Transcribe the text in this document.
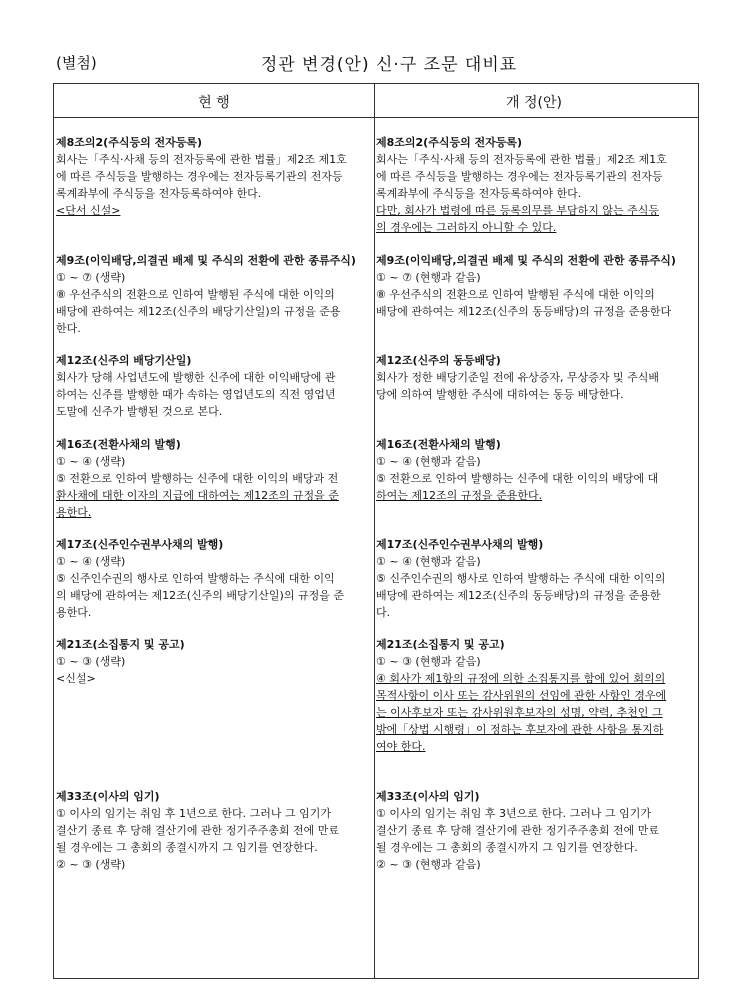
(별첨)	정관 변경(안) 신·구 조문 대비표
현 행	개 정(안)
제8조의2(주식등의 전자등록)
회사는「주식·사채 등의 전자등록에 관한 법률」제2조 제1호
에 따른 주식등을 발행하는 경우에는 전자등록기관의 전자등
록계좌부에 주식등을 전자등록하여야 한다.
<단서 신설>
제9조(이익배당,의결권 배제 및 주식의 전환에 관한 종류주식)
① ~ ⑦ (생략)
⑧ 우선주식의 전환으로 인하여 발행된 주식에 대한 이익의
배당에 관하여는 제12조(신주의 배당기산일)의 규정을 준용
한다.
제12조(신주의 배당기산일)
회사가 당해 사업년도에 발행한 신주에 대한 이익배당에 관
하여는 신주를 발행한 때가 속하는 영업년도의 직전 영업년
도말에 신주가 발행된 것으로 본다.
제16조(전환사채의 발행)
① ~ ④ (생략)
⑤ 전환으로 인하여 발행하는 신주에 대한 이익의 배당과 전
환사채에 대한 이자의 지급에 대하여는 제12조의 규정을 준
용한다.
제17조(신주인수권부사채의 발행)
① ~ ④ (생략)
⑤ 신주인수권의 행사로 인하여 발행하는 주식에 대한 이익
의 배당에 관하여는 제12조(신주의 배당기산일)의 규정을 준
용한다.
제21조(소집통지 및 공고)
① ~ ③ (생략)
<신설>
제33조(이사의 임기)
① 이사의 임기는 취임 후 1년으로 한다. 그러나 그 임기가
결산기 종료 후 당해 결산기에 관한 정기주주총회 전에 만료
될 경우에는 그 총회의 종결시까지 그 임기를 연장한다.
② ~ ③ (생략)
제8조의2(주식등의 전자등록)
회사는「주식·사채 등의 전자등록에 관한 법률」제2조 제1호
에 따른 주식등을 발행하는 경우에는 전자등록기관의 전자등
록계좌부에 주식등을 전자등록하여야 한다.
다만, 회사가 법령에 따른 등록의무를 부담하지 않는 주식등
의 경우에는 그러하지 아니할 수 있다.
제9조(이익배당,의결권 배제 및 주식의 전환에 관한 종류주식)
① ~ ⑦ (현행과 같음)
⑧ 우선주식의 전환으로 인하여 발행된 주식에 대한 이익의
배당에 관하여는 제12조(신주의 동등배당)의 규정을 준용한다
제12조(신주의 동등배당)
회사가 정한 배당기준일 전에 유상증자, 무상증자 및 주식배
당에 의하여 발행한 주식에 대하여는 동등 배당한다.
제16조(전환사채의 발행)
① ~ ④ (현행과 같음)
⑤ 전환으로 인하여 발행하는 신주에 대한 이익의 배당에 대
하여는 제12조의 규정을 준용한다.
제17조(신주인수권부사채의 발행)
① ~ ④ (현행과 같음)
⑤ 신주인수권의 행사로 인하여 발행하는 주식에 대한 이익의
배당에 관하여는 제12조(신주의 동등배당)의 규정을 준용한
다.
제21조(소집통지 및 공고)
① ~ ③ (현행과 같음)
④ 회사가 제1항의 규정에 의한 소집통지를 함에 있어 회의의
목적사항이 이사 또는 감사위원의 선임에 관한 사항인 경우에
는 이사후보자 또는 감사위원후보자의 성명, 약력, 추천인 그
밖에「상법 시행령」이 정하는 후보자에 관한 사항을 통지하
여야 한다.
제33조(이사의 임기)
① 이사의 임기는 취임 후 3년으로 한다. 그러나 그 임기가
결산기 종료 후 당해 결산기에 관한 정기주주총회 전에 만료
될 경우에는 그 총회의 종결시까지 그 임기를 연장한다.
② ~ ③ (현행과 같음)
